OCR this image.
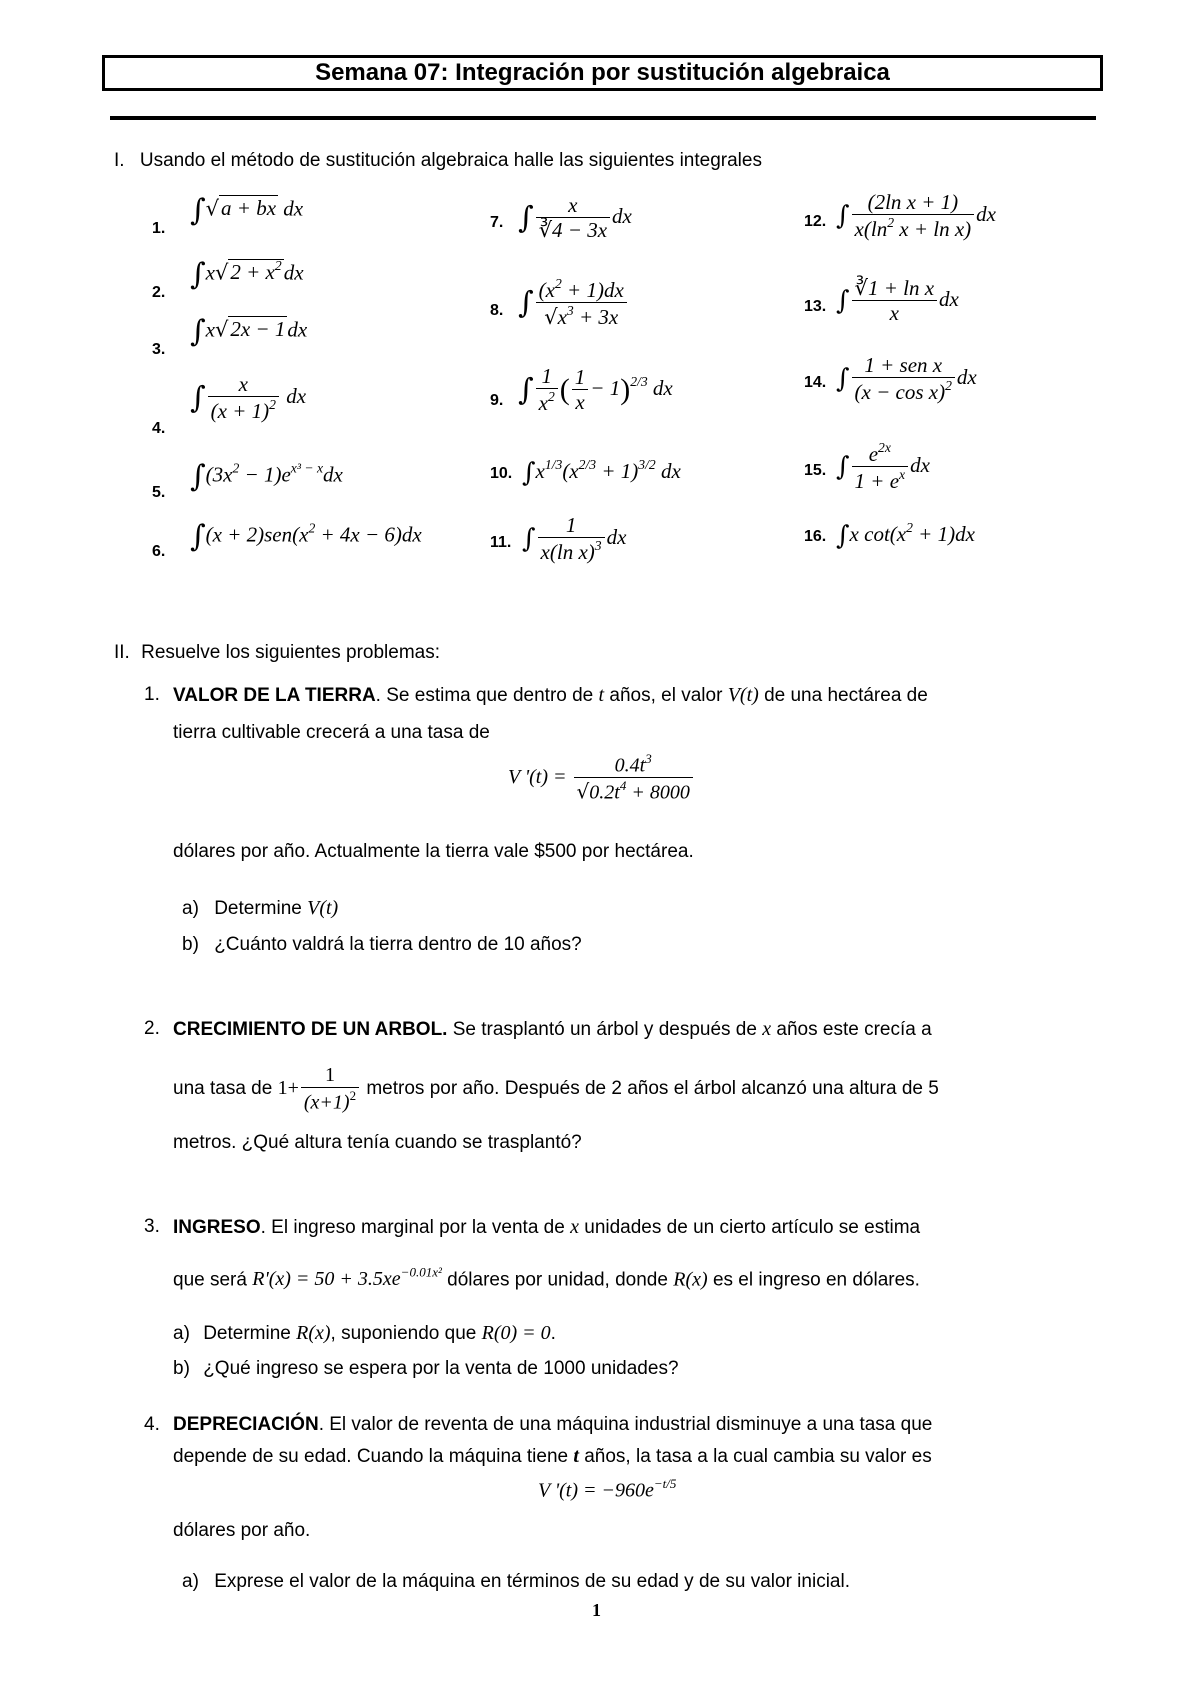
Semana 07: Integración por sustitución algebraica
I. Usando el método de sustitución algebraica halle las siguientes integrales
1.
∫√a + bx dx
2.
$\int x√2 + x^2dx$
3.
∫x√2x − 1dx
4.
∫ $\frac{x}{(x + 1)^2}$ dx
5. $\int(3x^2 - 1)e^{x^3 - x}dx$
6. $\int(x + 2)sen(x^2 + 4x - 6)dx$
7. ∫ $\frac{x}{∛4 - 3x}$ dx
8. ∫ $\frac{(x^2 + 1)dx}{√x^3 + 3x}$
9. ∫ $\frac{1}{x^2}$ ( $\frac{1}{x} - 1)^{2/3}$ dx
10. $\int x^{1/3}(x^{2/3} + 1)^{3/2}$ dx
11. ∫ $\frac{1}{x(\ln x)^3}$ dx
12. ∫ $\frac{\text{(2ln x + 1)}}{x(\ln^2 x + \ln x)}$ dx
13. ∫ $\frac{\text{∛1 + ln x}}{x}$ dx
14. ∫ $\frac{\text{1 + sen x}}{(x - \cos x)^2}$ dx
15. ∫ $\frac{e^{2x}}{1 + e^x}$ dx
16. ∫x $\cot(x^2 + 1)dx$
II. Resuelve los siguientes problemas:
1. VALOR DE LA TIERRA. Se estima que dentro de t años, el valor V(t) de una hectárea de
tierra cultivable crecerá a una tasa de
V '$(t) = \frac{0.4t^3}{√0.2t^4 + 8000}$
dólares por año. Actualmente la tierra vale $500 por hectárea.
a) Determine V(t)
b) ¿Cuánto valdrá la tierra dentro de 10 años?
2. CRECIMIENTO DE UN ARBOL. Se trasplantó un árbol y después de x años este crecía a
una tasa de $1+ \frac{1}{(x+1)^2}$ metros por año. Después de 2 años el árbol alcanzó una altura de 5
metros. ¿Qué altura tenía cuando se trasplantó?
3. INGRESO. El ingreso marginal por la venta de x unidades de un cierto artículo se estima
que será $R'(x) = 50 + 3.5xe^{-0.01x^2}$ dólares por unidad, donde R(x) es el ingreso en dólares.
a) Determine R(x), suponiendo que R(0) = 0.
b) ¿Qué ingreso se espera por la venta de 1000 unidades?
4. DEPRECIACIÓN. El valor de reventa de una máquina industrial disminuye a una tasa que
depende de su edad. Cuando la máquina tiene t años, la tasa a la cual cambia su valor es
V '$(t) = -960e^{-t/5}$
dólares por año.
a) Exprese el valor de la máquina en términos de su edad y de su valor inicial.
1
